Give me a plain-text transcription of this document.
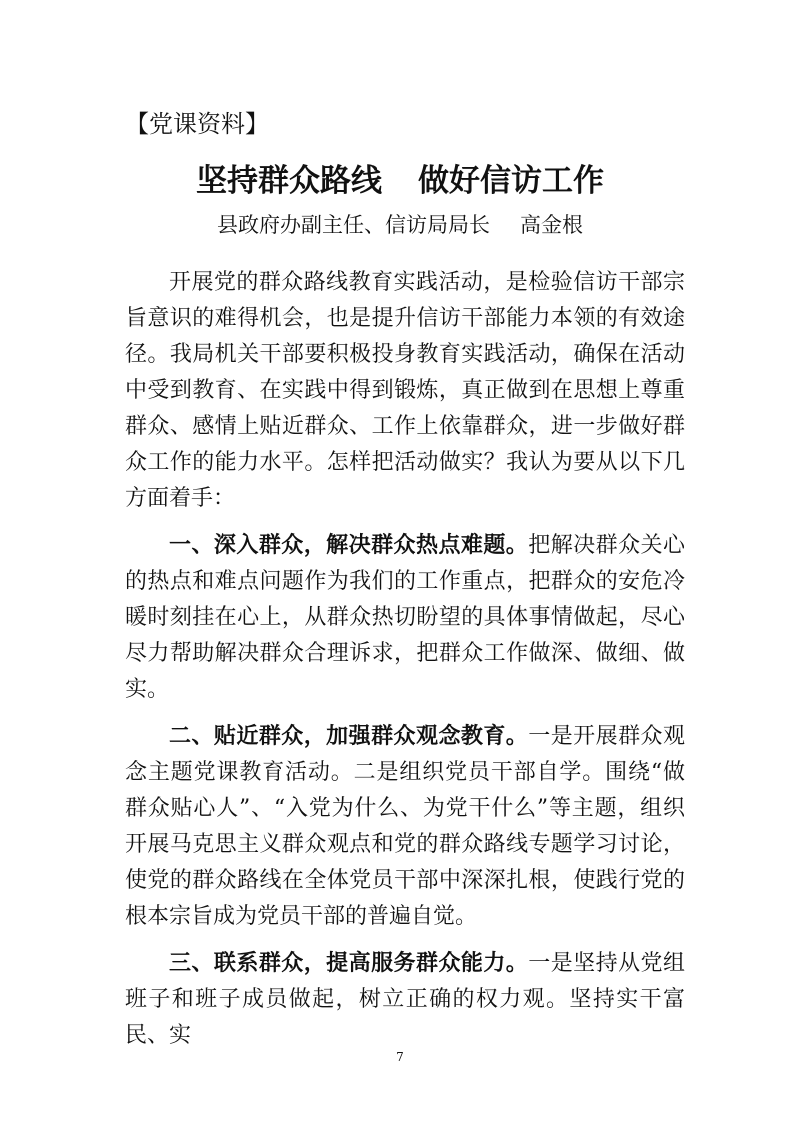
【党课资料】
坚持群众路线 做好信访工作
县政府办副主任、信访局局长 高金根

开展党的群众路线教育实践活动，是检验信访干部宗旨意识的难得机会，也是提升信访干部能力本领的有效途径。我局机关干部要积极投身教育实践活动，确保在活动中受到教育、在实践中得到锻炼，真正做到在思想上尊重群众、感情上贴近群众、工作上依靠群众，进一步做好群众工作的能力水平。怎样把活动做实？我认为要从以下几方面着手：

一、深入群众，解决群众热点难题。把解决群众关心的热点和难点问题作为我们的工作重点，把群众的安危冷暖时刻挂在心上，从群众热切盼望的具体事情做起，尽心尽力帮助解决群众合理诉求，把群众工作做深、做细、做实。

二、贴近群众，加强群众观念教育。一是开展群众观念主题党课教育活动。二是组织党员干部自学。围绕“做群众贴心人”、“入党为什么、为党干什么”等主题，组织开展马克思主义群众观点和党的群众路线专题学习讨论，使党的群众路线在全体党员干部中深深扎根，使践行党的根本宗旨成为党员干部的普遍自觉。

三、联系群众，提高服务群众能力。一是坚持从党组班子和班子成员做起，树立正确的权力观。坚持实干富民、实

7
